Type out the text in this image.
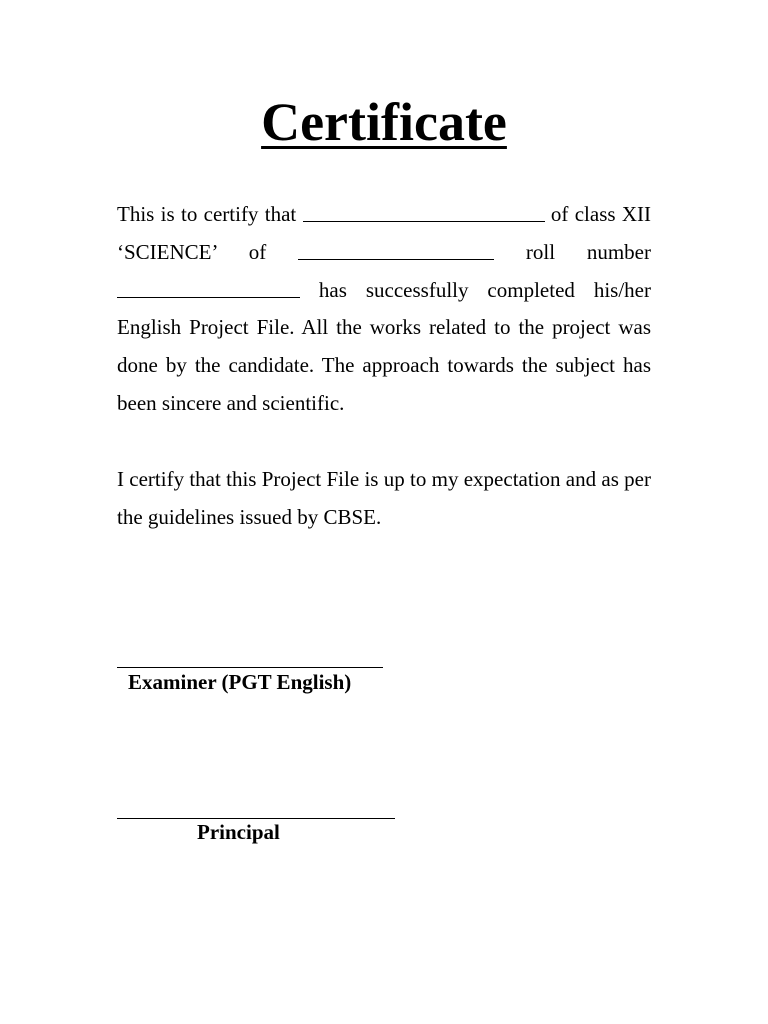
Certificate

This is to certify that	of class XII ‘SCIENCE’ of	roll number  has successfully completed his/her English Project File. All the works related to the project was done by the candidate. The approach towards the subject has been sincere and scientific.

I certify that this Project File is up to my expectation and as per the guidelines issued by CBSE.

Examiner (PGT English)
Principal
